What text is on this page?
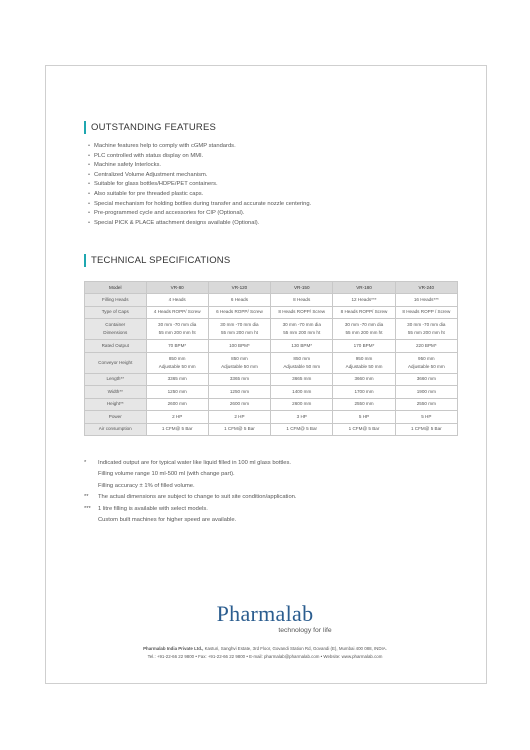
OUTSTANDING FEATURES
• Machine features help to comply with cGMP standards.
• PLC controlled with status display on MMI.
• Machine safety Interlocks.
• Centralized Volume Adjustment mechanism.
• Suitable for glass bottles/HDPE/PET containers.
• Also suitable for pre threaded plastic caps.
• Special mechanism for holding bottles during transfer and accurate nozzle centering.
• Pre-programmed cycle and accessories for CIP (Optional).
• Special PICK & PLACE attachment designs available (Optional).
TECHNICAL SPECIFICATIONS
Model	VR-80	VR-120	VR-150	VR-180	VR-240

Filling Heads	4 Heads	6 Heads	8 Heads	12 Heads***	16 Heads***

Type of Caps	4 Heads ROPP/ Screw	6 Heads ROPP/ Screw	8 Heads ROPP/ Screw	8 Heads ROPP/ Screw	8 Heads ROPP / Screw

Container
Dimensions	30 mm -70 mm dia
55 mm 200 mm ht	30 mm -70 mm dia
55 mm 200 mm ht	30 mm -70 mm dia
55 mm 200 mm ht	30 mm -70 mm dia
55 mm 200 mm ht	30 mm -70 mm dia
55 mm 200 mm ht

Rated Output	70 BPM*	100 BPM*	130 BPM*	170 BPM*	220 BPM*

Conveyor Height	850 mm
Adjustable 50 mm	850 mm
Adjustable 50 mm	850 mm
Adjustable 50 mm	950 mm
Adjustable 50 mm	950 mm
Adjustable 50 mm

Length**	3365 mm	3365 mm	3665 mm	3660 mm	3660 mm

Width**	1250 mm	1250 mm	1400 mm	1700 mm	1900 mm

Height**	2600 mm	2600 mm	2600 mm	2550 mm	2550 mm

Power	2 HP	2 HP	3 HP	5 HP	5 HP

Air consumption	1 CFM@ 5 Bar	1 CFM@ 5 Bar	1 CFM@ 5 Bar	1 CFM@ 5 Bar	1 CFM@ 5 Bar
*	Indicated output are for typical water like liquid filled in 100 ml glass bottles.
Filling volume range 10 ml-500 ml (with change part).
Filling accuracy ± 1% of filled volume.
**	The actual dimensions are subject to change to suit site condition/application.
***	1 litre filling is available with select models.
Custom built machines for higher speed are available.
Pharmalab
technology for life
Pharmalab India Private Ltd., Kasturi, Sanghvi Estate, 3rd Floor, Govandi Station Rd, Govandi (E), Mumbai 400 088, INDIA.
Tel.: +91-22-66 22 9800 • Fax: +91-22-66 22 9800 • E-mail: pharmalab@pharmalab.com • Website: www.pharmalab.com
